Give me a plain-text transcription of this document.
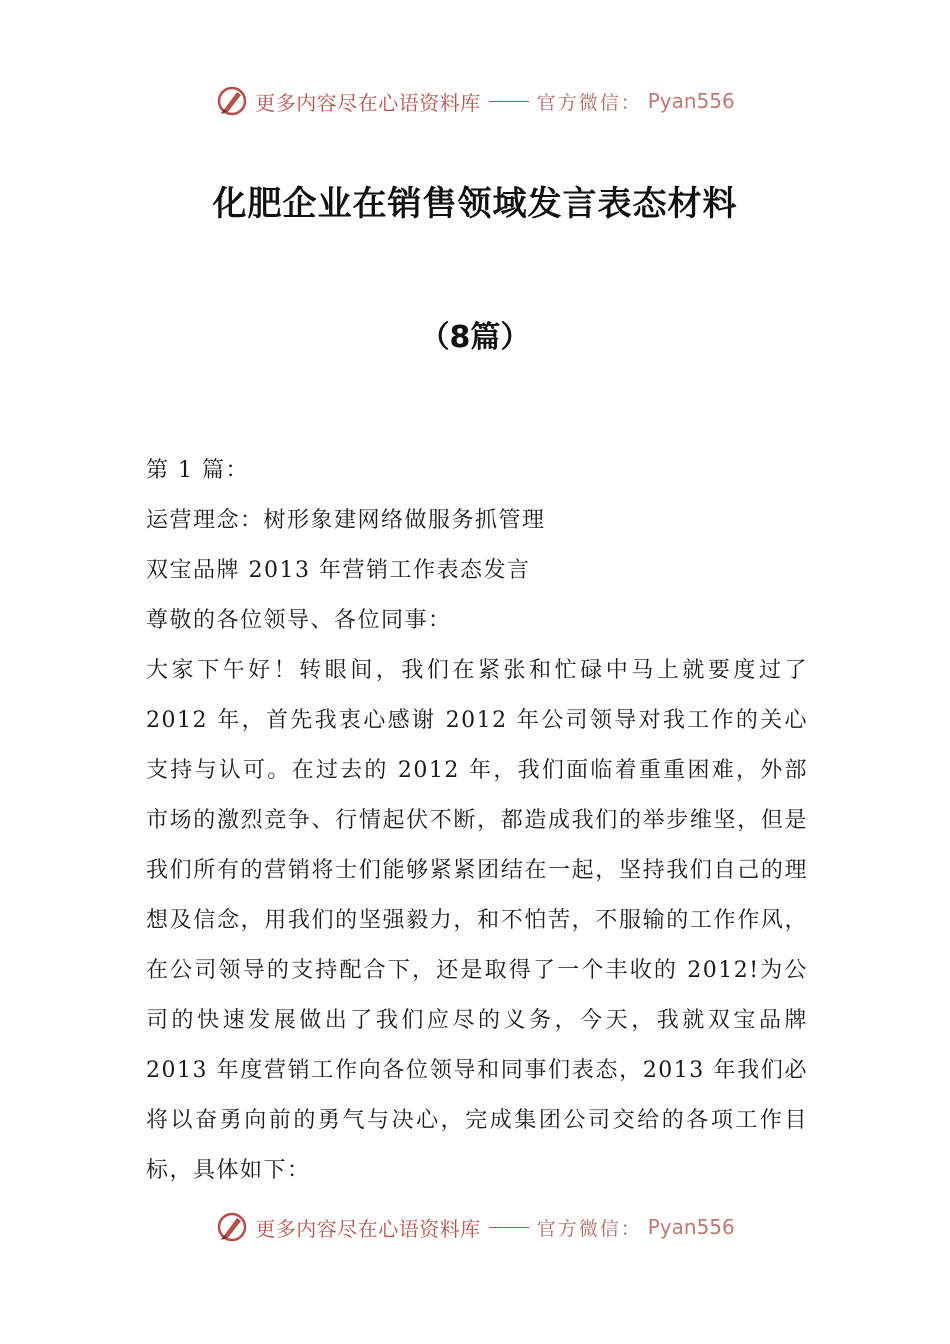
更多内容尽在心语资料库	官方微信： Pyan556
化肥企业在销售领域发言表态材料
（8篇）
第 1 篇：
运营理念：树形象建网络做服务抓管理
双宝品牌 2013 年营销工作表态发言
尊敬的各位领导、各位同事：
大家下午好！转眼间，我们在紧张和忙碌中马上就要度过了 2012 年，首先我衷心感谢 2012 年公司领导对我工作的关心支持与认可。在过去的 2012 年，我们面临着重重困难，外部市场的激烈竞争、行情起伏不断，都造成我们的举步维坚，但是我们所有的营销将士们能够紧紧团结在一起，坚持我们自己的理想及信念，用我们的坚强毅力，和不怕苦，不服输的工作作风，在公司领导的支持配合下，还是取得了一个丰收的 2012!为公司的快速发展做出了我们应尽的义务，今天，我就双宝品牌 2013 年度营销工作向各位领导和同事们表态，2013 年我们必将以奋勇向前的勇气与决心，完成集团公司交给的各项工作目标，具体如下：
更多内容尽在心语资料库	官方微信： Pyan556
